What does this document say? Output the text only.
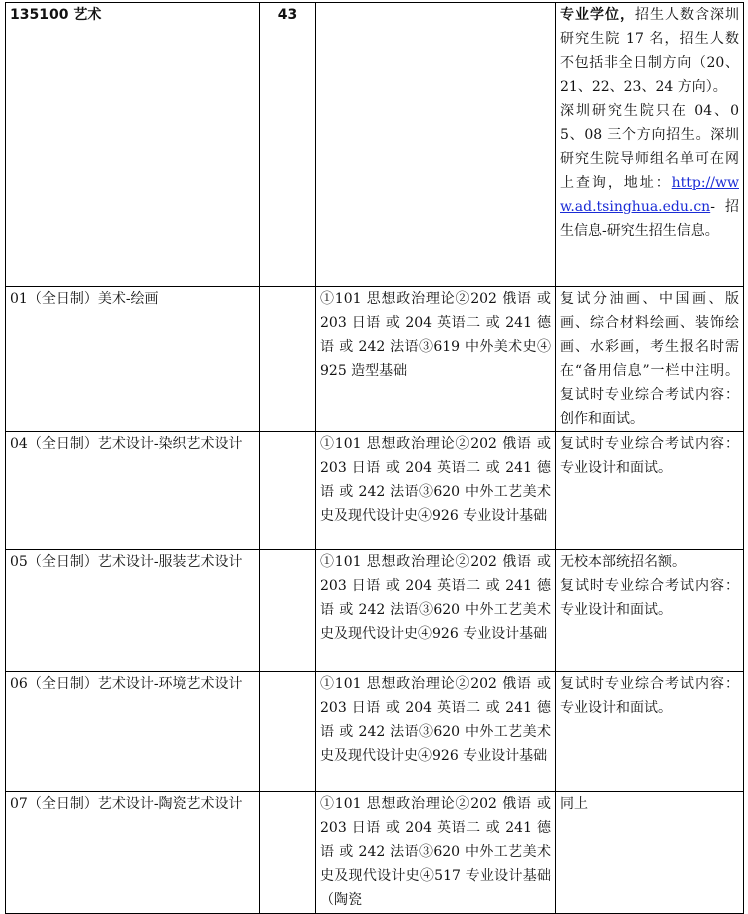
135100 艺术	43		专业学位，招生人数含深圳研究生院 17 名，招生人数不包括非全日制方向（20、21、22、23、24 方向）。
深圳研究生院只在 04、05、08 三个方向招生。深圳研究生院导师组名单可在网上查询，地址：http://www.ad.tsinghua.edu.cn-招生信息-研究生招生信息。

01（全日制）美术-绘画		①101 思想政治理论②202 俄语 或 203 日语 或 204 英语二 或 241 德语 或 242 法语③619 中外美术史④925 造型基础	复试分油画、中国画、版画、综合材料绘画、装饰绘画、水彩画，考生报名时需在“备用信息”一栏中注明。复试时专业综合考试内容：创作和面试。
04（全日制）艺术设计-染织艺术设计		①101 思想政治理论②202 俄语 或 203 日语 或 204 英语二 或 241 德语 或 242 法语③620 中外工艺美术史及现代设计史④926 专业设计基础	复试时专业综合考试内容：专业设计和面试。
05（全日制）艺术设计-服装艺术设计		①101 思想政治理论②202 俄语 或 203 日语 或 204 英语二 或 241 德语 或 242 法语③620 中外工艺美术史及现代设计史④926 专业设计基础	无校本部统招名额。
复试时专业综合考试内容：专业设计和面试。

06（全日制）艺术设计-环境艺术设计		①101 思想政治理论②202 俄语 或 203 日语 或 204 英语二 或 241 德语 或 242 法语③620 中外工艺美术史及现代设计史④926 专业设计基础	复试时专业综合考试内容：专业设计和面试。
07（全日制）艺术设计-陶瓷艺术设计		①101 思想政治理论②202 俄语 或 203 日语 或 204 英语二 或 241 德语 或 242 法语③620 中外工艺美术史及现代设计史④517 专业设计基础（陶瓷	同上
